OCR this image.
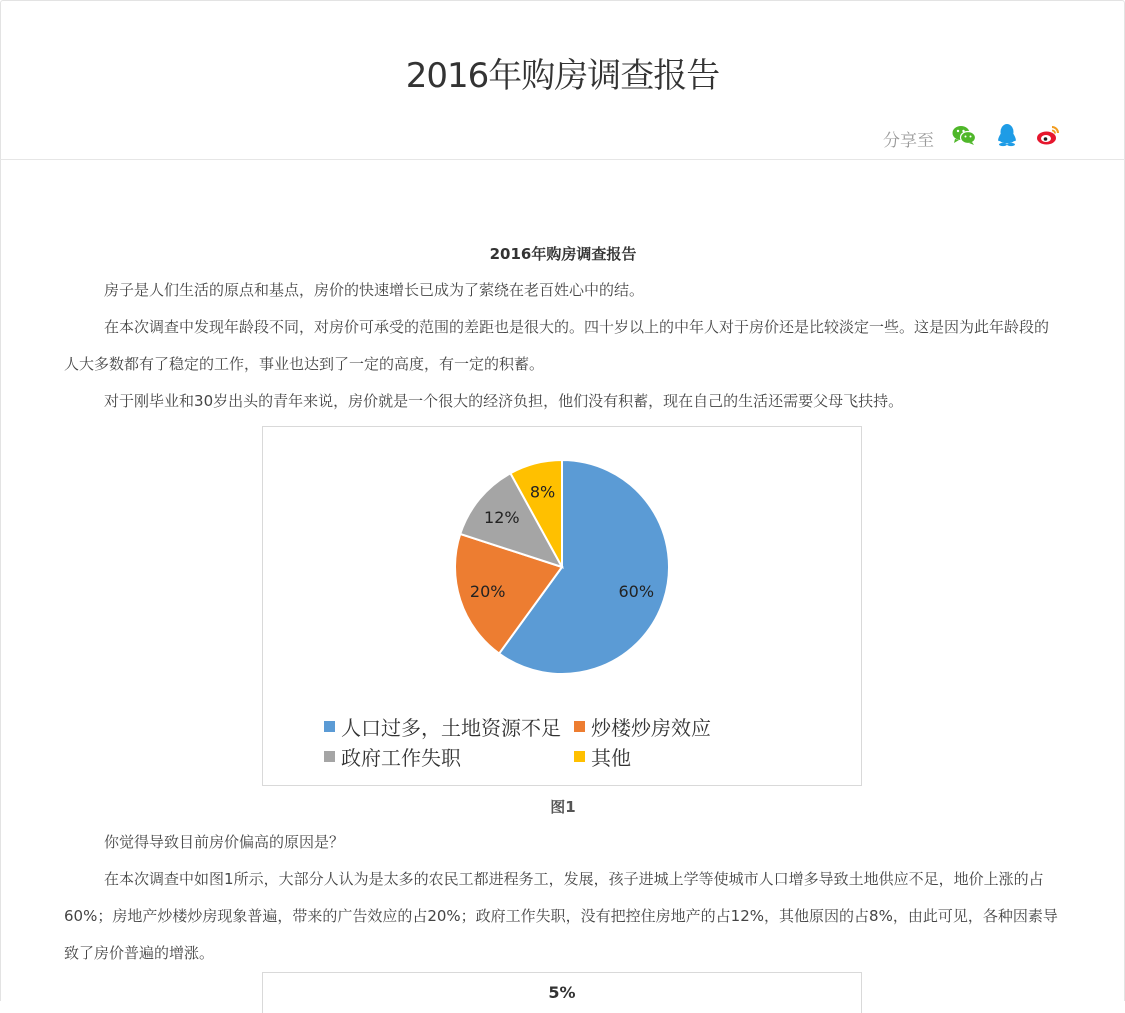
2016年购房调查报告
分享至
2016年购房调查报告

房子是人们生活的原点和基点，房价的快速增长已成为了萦绕在老百姓心中的结。

在本次调查中发现年龄段不同，对房价可承受的范围的差距也是很大的。四十岁以上的中年人对于房价还是比较淡定一些。这是因为此年龄段的人大多数都有了稳定的工作，事业也达到了一定的高度，有一定的积蓄。

对于刚毕业和30岁出头的青年来说，房价就是一个很大的经济负担，他们没有积蓄，现在自己的生活还需要父母飞扶持。

60%
20%
12%
8%
人口过多，土地资源不足 炒楼炒房效应
政府工作失职	其他
图1

你觉得导致目前房价偏高的原因是？

在本次调查中如图1所示，大部分人认为是太多的农民工都进程务工，发展，孩子进城上学等使城市人口增多导致土地供应不足，地价上涨的占60%；房地产炒楼炒房现象普遍，带来的广告效应的占20%；政府工作失职，没有把控住房地产的占12%，其他原因的占8%，由此可见，各种因素导致了房价普遍的增涨。

5%
